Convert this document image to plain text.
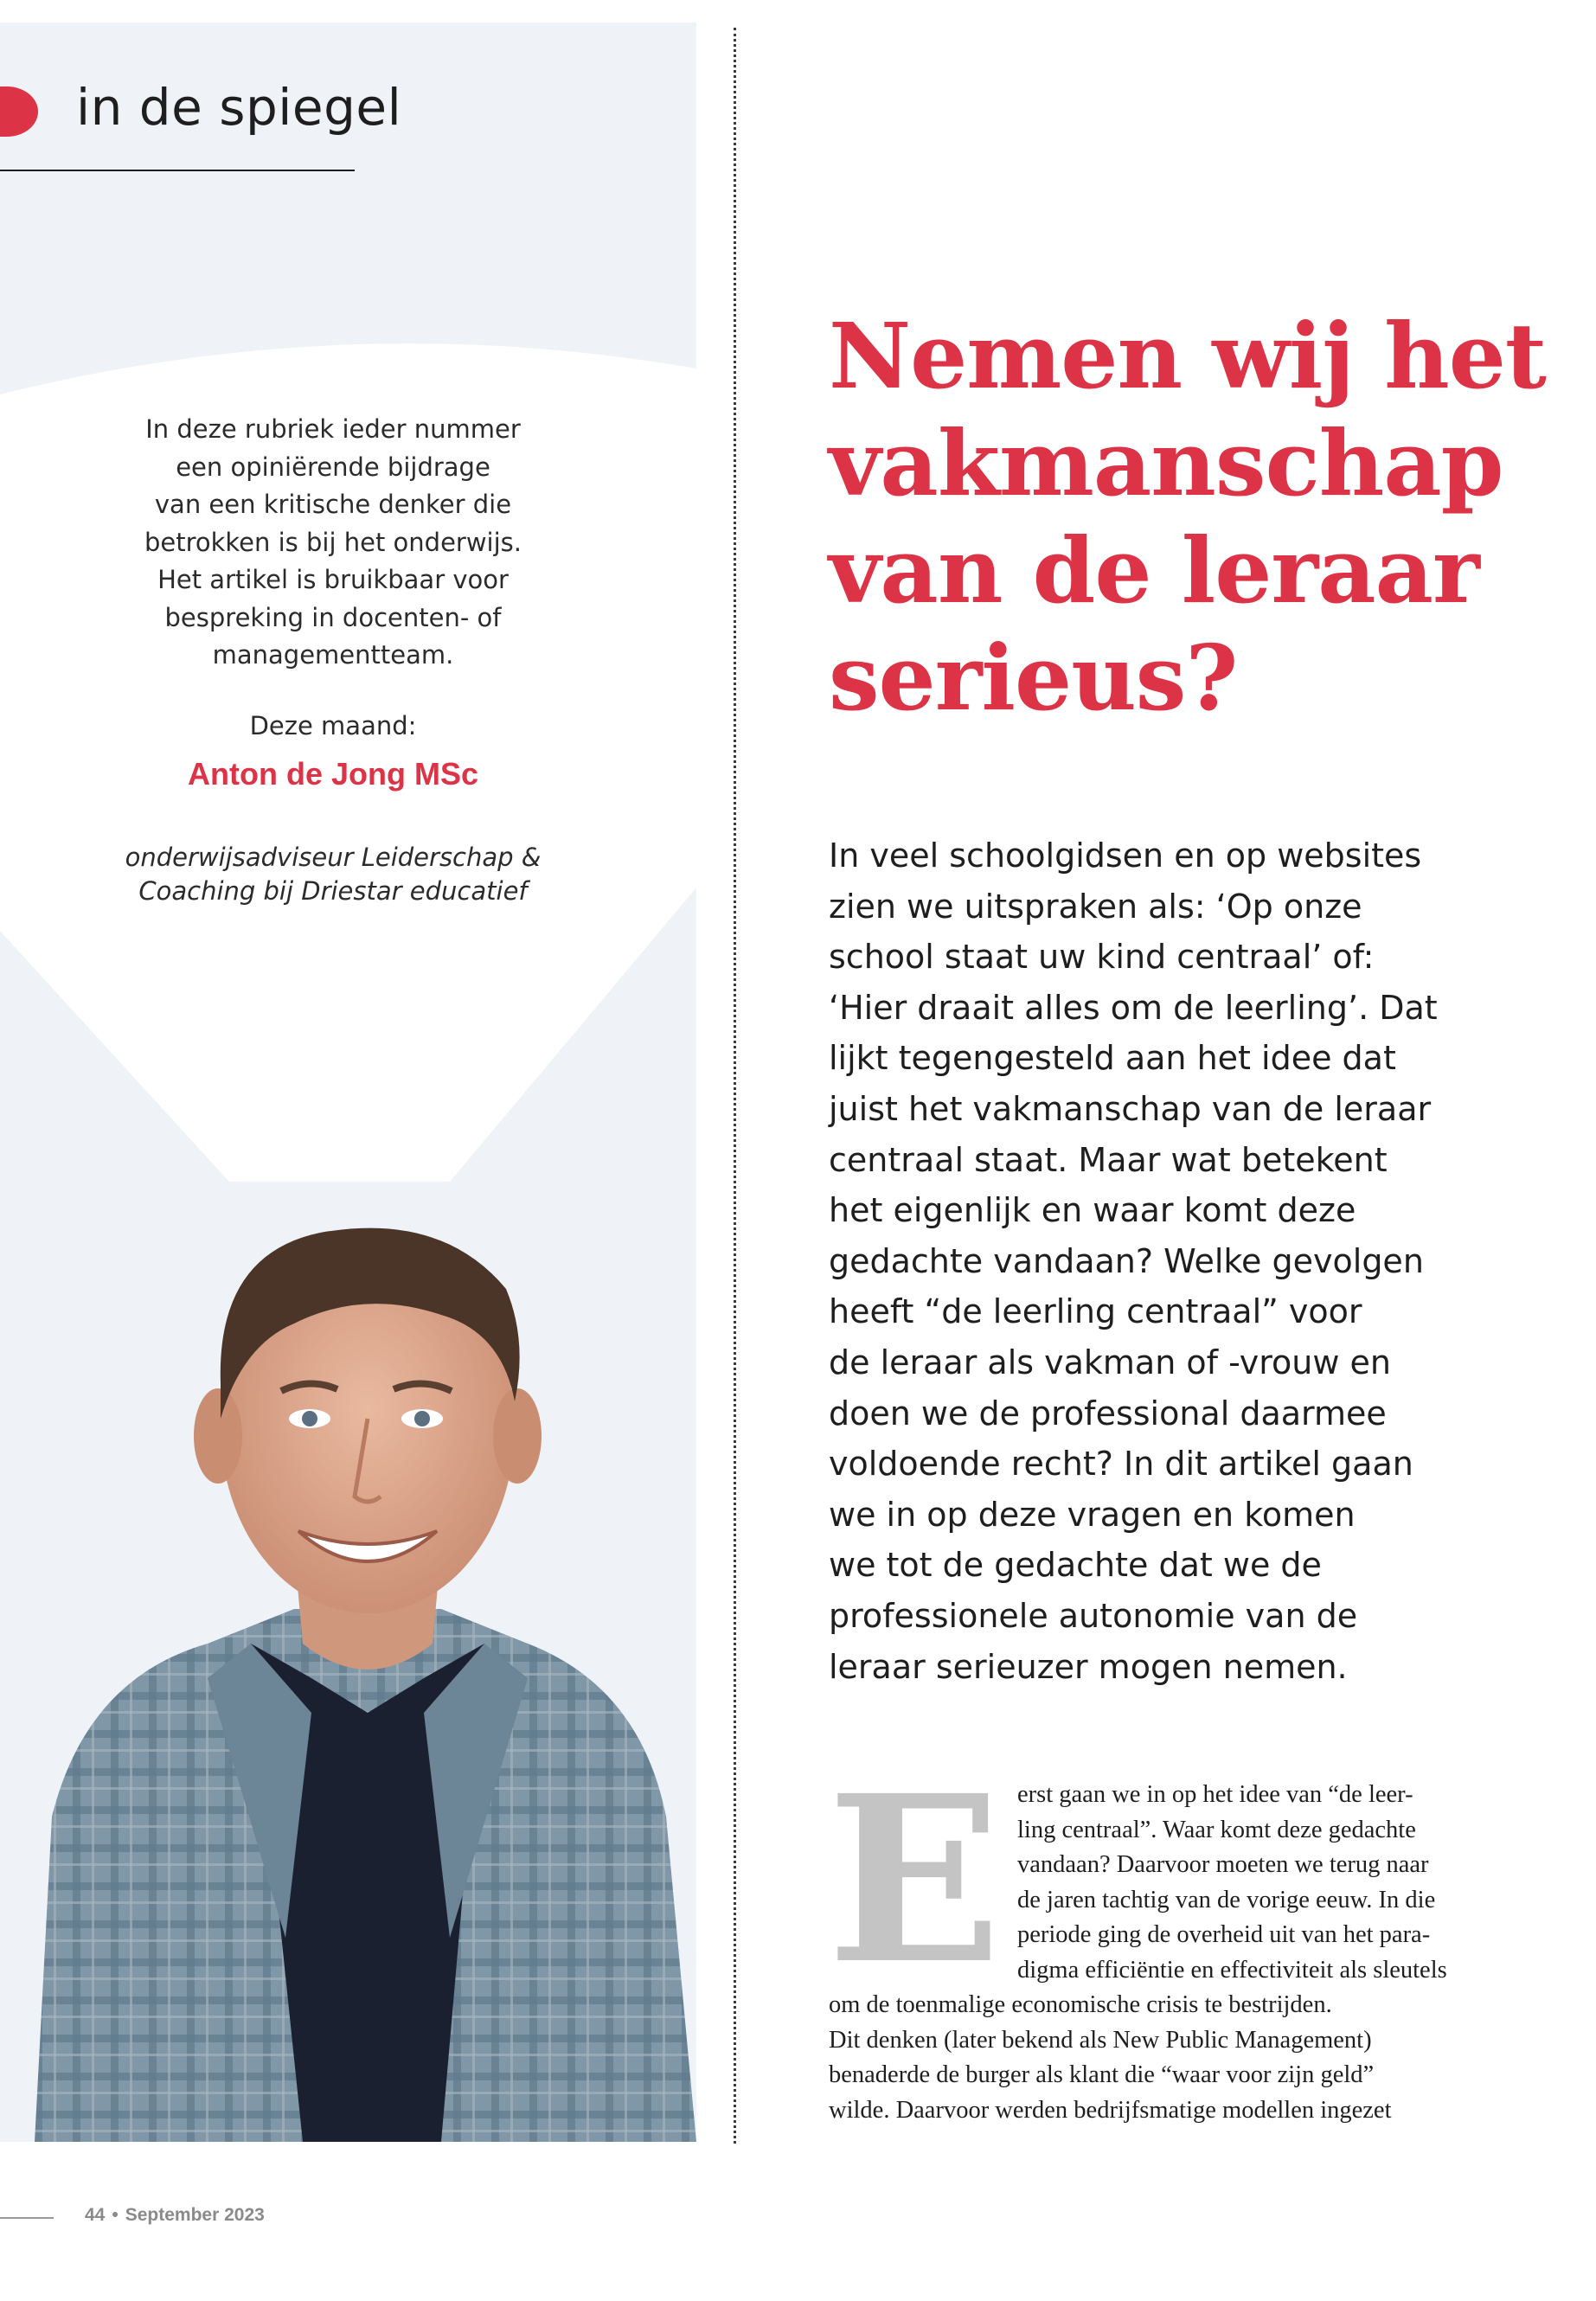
in de spiegel
In deze rubriek ieder nummer
een opiniërende bijdrage
van een kritische denker die
betrokken is bij het onderwijs.
Het artikel is bruikbaar voor
bespreking in docenten- of
managementteam.
Deze maand:
Anton de Jong MSc
onderwijsadviseur Leiderschap &
Coaching bij Driestar educatief
Nemen wij het
vakmanschap
van de leraar
serieus?
In veel schoolgidsen en op websites
zien we uitspraken als: ‘Op onze
school staat uw kind centraal’ of:
‘Hier draait alles om de leerling’. Dat
lijkt tegengesteld aan het idee dat
juist het vakmanschap van de leraar
centraal staat. Maar wat betekent
het eigenlijk en waar komt deze
gedachte vandaan? Welke gevolgen
heeft “de leerling centraal” voor
de leraar als vakman of -vrouw en
doen we de professional daarmee
voldoende recht? In dit artikel gaan
we in op deze vragen en komen
we tot de gedachte dat we de
professionele autonomie van de
leraar serieuzer mogen nemen.
E erst gaan we in op het idee van “de leer-
ling centraal”. Waar komt deze gedachte
vandaan? Daarvoor moeten we terug naar
de jaren tachtig van de vorige eeuw. In die
periode ging de overheid uit van het para-
digma efficiëntie en effectiviteit als sleutels
om de toenmalige economische crisis te bestrijden.
Dit denken (later bekend als New Public Management)
benaderde de burger als klant die “waar voor zijn geld”
wilde. Daarvoor werden bedrijfsmatige modellen ingezet
44 • September 2023
